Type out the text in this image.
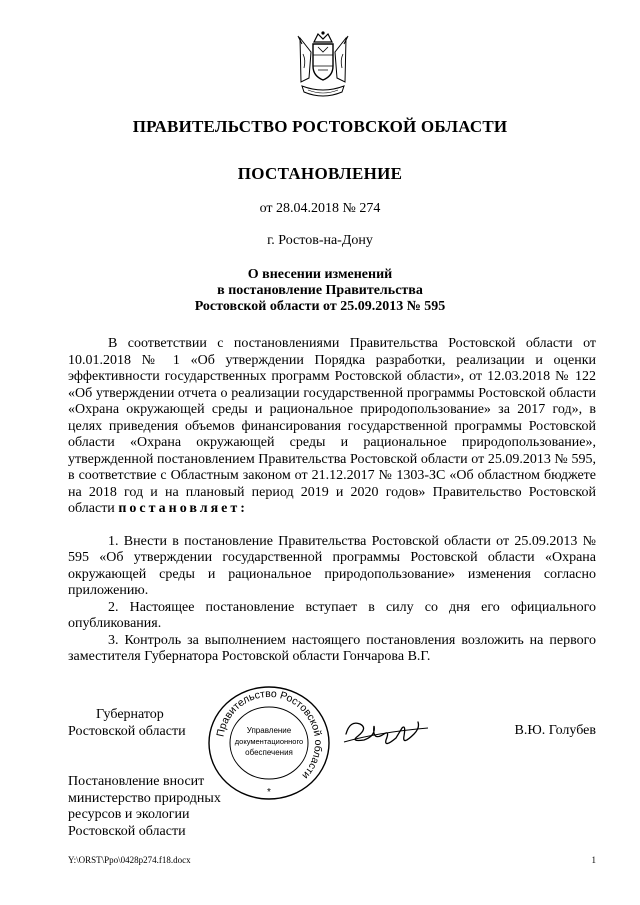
ПРАВИТЕЛЬСТВО РОСТОВСКОЙ ОБЛАСТИ
ПОСТАНОВЛЕНИЕ
от 28.04.2018 № 274
г. Ростов-на-Дону
О внесении изменений
в постановление Правительства
Ростовской области от 25.09.2013 № 595

В соответствии с постановлениями Правительства Ростовской области от 10.01.2018 № 1 «Об утверждении Порядка разработки, реализации и оценки эффективности государственных программ Ростовской области», от 12.03.2018 № 122 «Об утверждении отчета о реализации государственной программы Ростовской области «Охрана окружающей среды и рациональное природопользование» за 2017 год», в целях приведения объемов финансирования государственной программы Ростовской области «Охрана окружающей среды и рациональное природопользование», утвержденной постановлением Правительства Ростовской области от 25.09.2013 № 595, в соответствие с Областным законом от 21.12.2017 № 1303-ЗС «Об областном бюджете на 2018 год и на плановый период 2019 и 2020 годов» Правительство Ростовской области постановляет:

1. Внести в постановление Правительства Ростовской области от 25.09.2013 № 595 «Об утверждении государственной программы Ростовской области «Охрана окружающей среды и рациональное природопользование» изменения согласно приложению.

2. Настоящее постановление вступает в силу со дня его официального опубликования.

3. Контроль за выполнением настоящего постановления возложить на первого заместителя Губернатора Ростовской области Гончарова В.Г.

Губернатор
Ростовской области	Правительство Ростовской области
Управление
документационного
обеспечения
*
В.Ю. Голубев
Постановление вносит
министерство природных
ресурсов и экологии
Ростовской области
Y:\ORST\Ppo\0428p274.f18.docx	1
